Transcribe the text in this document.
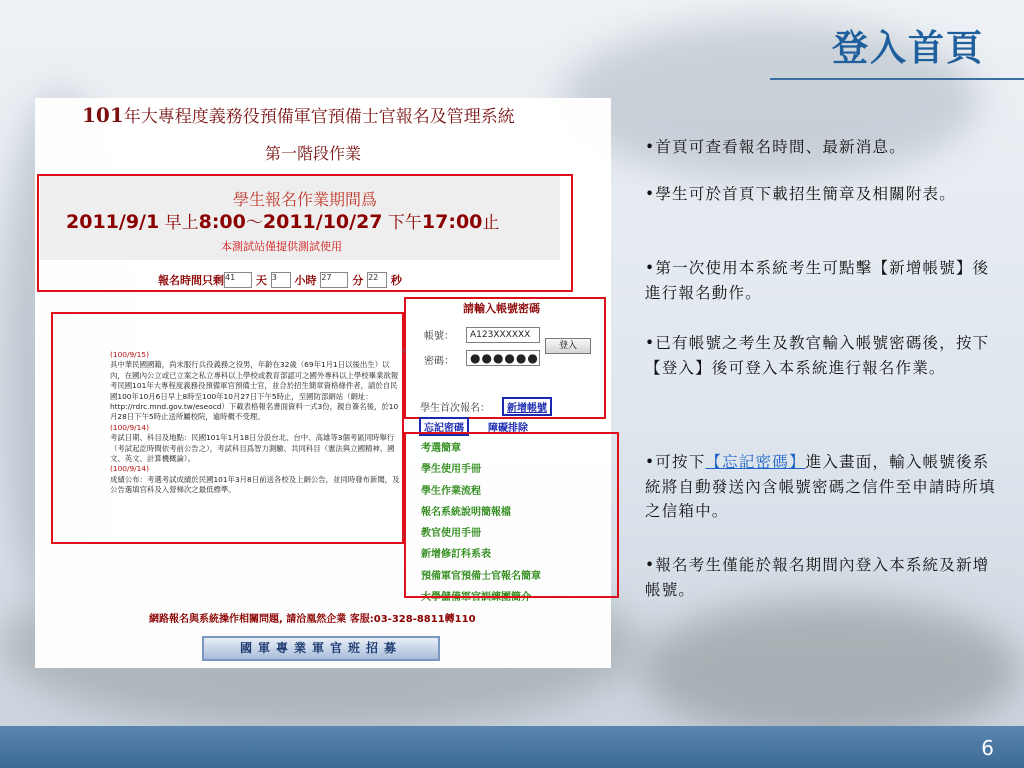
登入首頁
101年大專程度義務役預備軍官預備士官報名及管理系統
第一階段作業
學生報名作業期間爲
2011/9/1 早上8:00～2011/10/27 下午17:00止
本測試站僅提供測試使用
報名時間只剩41 天 3 小時 27 分 22 秒
請輸入帳號密碼
帳號：	A123XXXXXX
密碼：	●●●●●●
登入
學生首次報名：	新增帳號
忘記密碼	障礙排除
(100/9/15)
具中華民國國籍，尚未服行兵役義務之役男，年齡在32歲（69年1月1日以後出生）以內，在國內公立或已立案之私立專科以上學校或教育部認可之國外專科以上學校畢業欲報考民國101年大專程度義務役預備軍官預備士官，並合於招生簡章資格條件者，請於自民國100年10月6日早上8時至100年10月27日下午5時止，至國防部網站（網址：http://rdrc.mnd.gov.tw/eseocd）下載表格報名書面資料一式3份，親自簽名後，於10月28日下午5時止送所屬校院，逾時概不受理。
(100/9/14)
考試日期、科目及地點：民國101年1月18日分設台北、台中、高雄等3個考區同時舉行（考試起訖時間依考前公告之），考試科目爲智力測驗、共同科目（憲法與立國精神、國文、英文、計算機概論）。
(100/9/14)
成績公布：考選考試成績於民國101年3月8日前送各校及上網公告，並同時發布新聞，及公告選填官科及入營梯次之最低標準。
›
›
考選簡章
學生使用手冊
學生作業流程
報名系統說明簡報檔
教官使用手冊
新增修訂科系表
預備軍官預備士官報名簡章
大學儲備軍官訓練團簡介
網路報名與系統操作相關問題, 請洽凰然企業 客服:03-328-8811轉110
國軍專業軍官班招募
•首頁可查看報名時間、最新消息。
•學生可於首頁下載招生簡章及相關附表。
•第一次使用本系統考生可點擊【新增帳號】後進行報名動作。
•已有帳號之考生及教官輸入帳號密碼後，按下【登入】後可登入本系統進行報名作業。
•可按下【忘記密碼】進入畫面，輸入帳號後系統將自動發送內含帳號密碼之信件至申請時所填之信箱中。
•報名考生僅能於報名期間內登入本系統及新增帳號。
6
